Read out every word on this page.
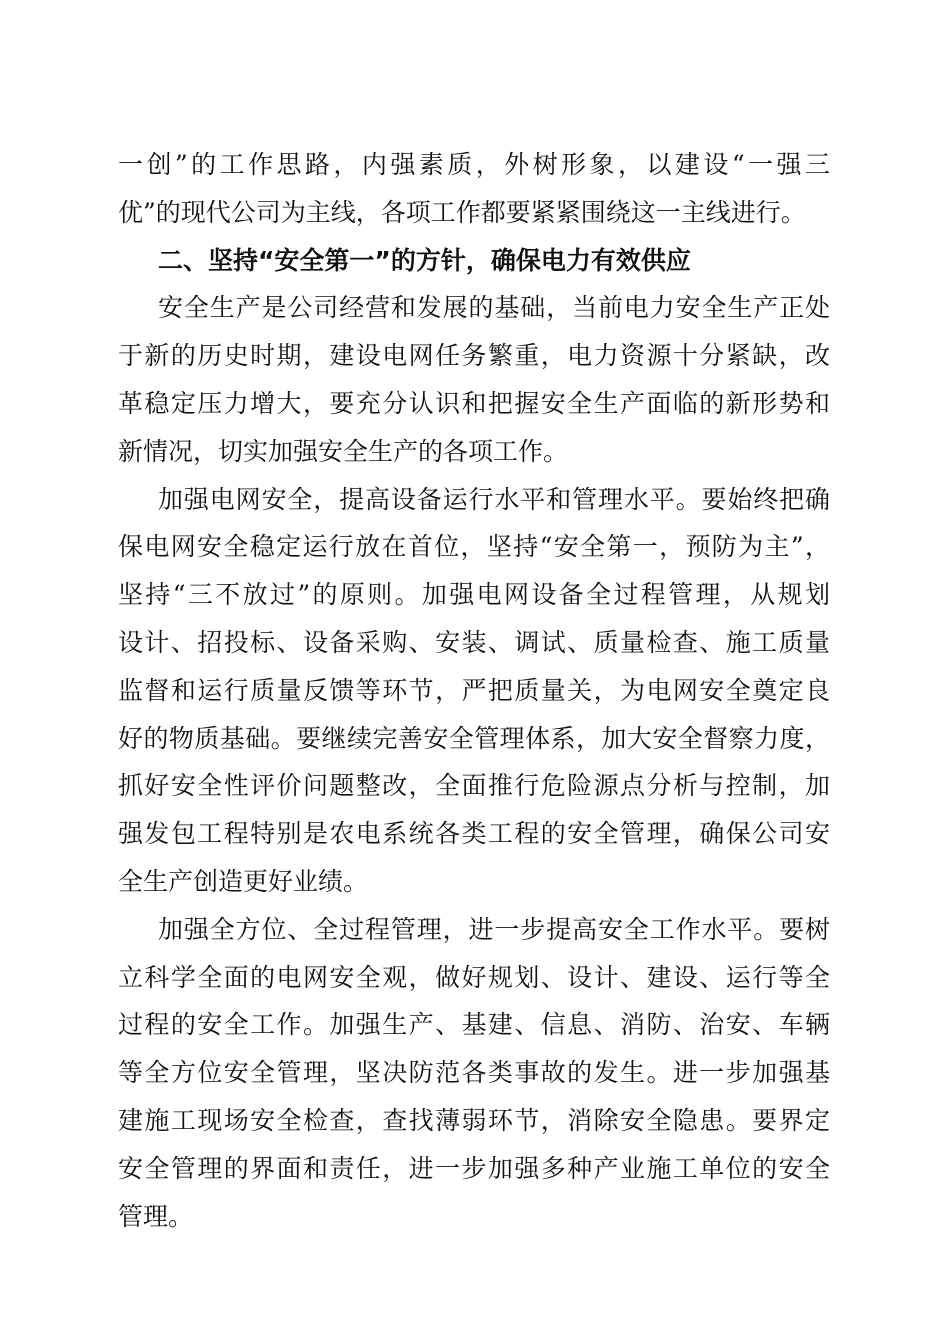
一创”的工作思路，内强素质，外树形象，以建设“一强三
优”的现代公司为主线，各项工作都要紧紧围绕这一主线进行。
二、坚持“安全第一”的方针，确保电力有效供应
安全生产是公司经营和发展的基础，当前电力安全生产正处
于新的历史时期，建设电网任务繁重，电力资源十分紧缺，改
革稳定压力增大，要充分认识和把握安全生产面临的新形势和
新情况，切实加强安全生产的各项工作。
加强电网安全，提高设备运行水平和管理水平。要始终把确
保电网安全稳定运行放在首位，坚持“安全第一，预防为主”，
坚持“三不放过”的原则。加强电网设备全过程管理，从规划
设计、招投标、设备采购、安装、调试、质量检查、施工质量
监督和运行质量反馈等环节，严把质量关，为电网安全奠定良
好的物质基础。要继续完善安全管理体系，加大安全督察力度，
抓好安全性评价问题整改，全面推行危险源点分析与控制，加
强发包工程特别是农电系统各类工程的安全管理，确保公司安
全生产创造更好业绩。
加强全方位、全过程管理，进一步提高安全工作水平。要树
立科学全面的电网安全观，做好规划、设计、建设、运行等全
过程的安全工作。加强生产、基建、信息、消防、治安、车辆
等全方位安全管理，坚决防范各类事故的发生。进一步加强基
建施工现场安全检查，查找薄弱环节，消除安全隐患。要界定
安全管理的界面和责任，进一步加强多种产业施工单位的安全
管理。
